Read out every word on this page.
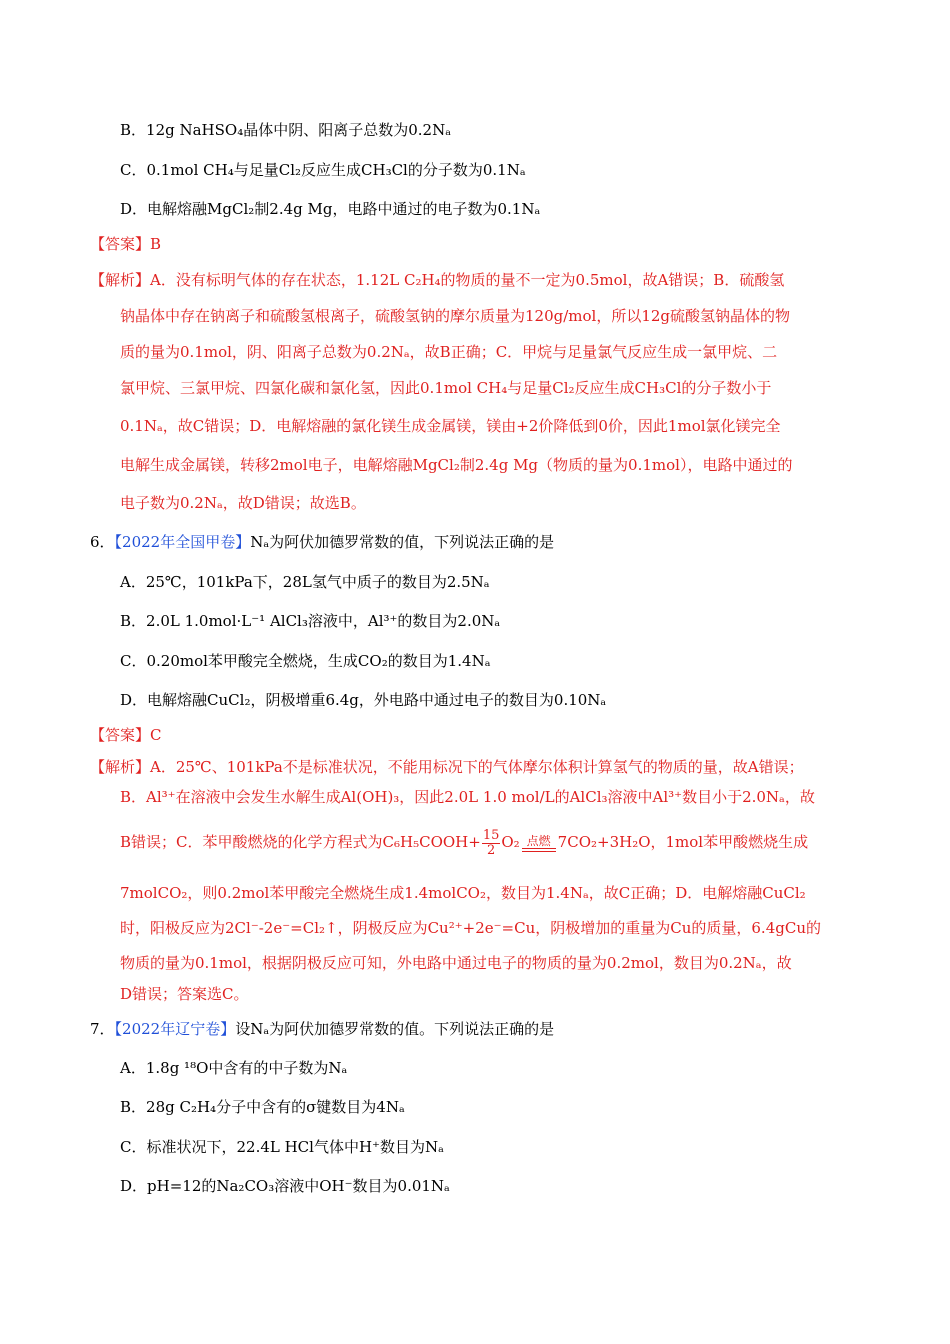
B．12g NaHSO₄晶体中阴、阳离子总数为0.2Nₐ
C．0.1mol CH₄与足量Cl₂反应生成CH₃Cl的分子数为0.1Nₐ
D．电解熔融MgCl₂制2.4g Mg，电路中通过的电子数为0.1Nₐ
【答案】B
【解析】A．没有标明气体的存在状态，1.12L C₂H₄的物质的量不一定为0.5mol，故A错误；B．硫酸氢
钠晶体中存在钠离子和硫酸氢根离子，硫酸氢钠的摩尔质量为120g/mol，所以12g硫酸氢钠晶体的物
质的量为0.1mol，阴、阳离子总数为0.2Nₐ，故B正确；C．甲烷与足量氯气反应生成一氯甲烷、二
氯甲烷、三氯甲烷、四氯化碳和氯化氢，因此0.1mol CH₄与足量Cl₂反应生成CH₃Cl的分子数小于
0.1Nₐ，故C错误；D．电解熔融的氯化镁生成金属镁，镁由+2价降低到0价，因此1mol氯化镁完全
电解生成金属镁，转移2mol电子，电解熔融MgCl₂制2.4g Mg（物质的量为0.1mol），电路中通过的
电子数为0.2Nₐ，故D错误；故选B。
6．【2022年全国甲卷】Nₐ为阿伏加德罗常数的值，下列说法正确的是
A．25℃，101kPa下，28L氢气中质子的数目为2.5Nₐ
B．2.0L 1.0mol·L⁻¹ AlCl₃溶液中，Al³⁺的数目为2.0Nₐ
C．0.20mol苯甲酸完全燃烧，生成CO₂的数目为1.4Nₐ
D．电解熔融CuCl₂，阴极增重6.4g，外电路中通过电子的数目为0.10Nₐ
【答案】C
【解析】A．25℃、101kPa不是标准状况，不能用标况下的气体摩尔体积计算氢气的物质的量，故A错误；
B．Al³⁺在溶液中会发生水解生成Al(OH)₃，因此2.0L 1.0 mol/L的AlCl₃溶液中Al³⁺数目小于2.0Nₐ，故
B错误；C．苯甲酸燃烧的化学方程式为C₆H₅COOH+ $\frac{15}{2} O_2$ 点燃 7CO₂+3H₂O，1mol苯甲酸燃烧生成
7molCO₂，则0.2mol苯甲酸完全燃烧生成1.4molCO₂，数目为1.4Nₐ，故C正确；D．电解熔融CuCl₂
时，阳极反应为2Cl⁻-2e⁻=Cl₂↑，阴极反应为Cu²⁺+2e⁻=Cu，阴极增加的重量为Cu的质量，6.4gCu的
物质的量为0.1mol，根据阴极反应可知，外电路中通过电子的物质的量为0.2mol，数目为0.2Nₐ，故
D错误；答案选C。
7．【2022年辽宁卷】设Nₐ为阿伏加德罗常数的值。下列说法正确的是
A．1.8g ¹⁸O中含有的中子数为Nₐ
B．28g C₂H₄分子中含有的σ键数目为4Nₐ
C．标准状况下，22.4L HCl气体中H⁺数目为Nₐ
D．pH=12的Na₂CO₃溶液中OH⁻数目为0.01Nₐ
